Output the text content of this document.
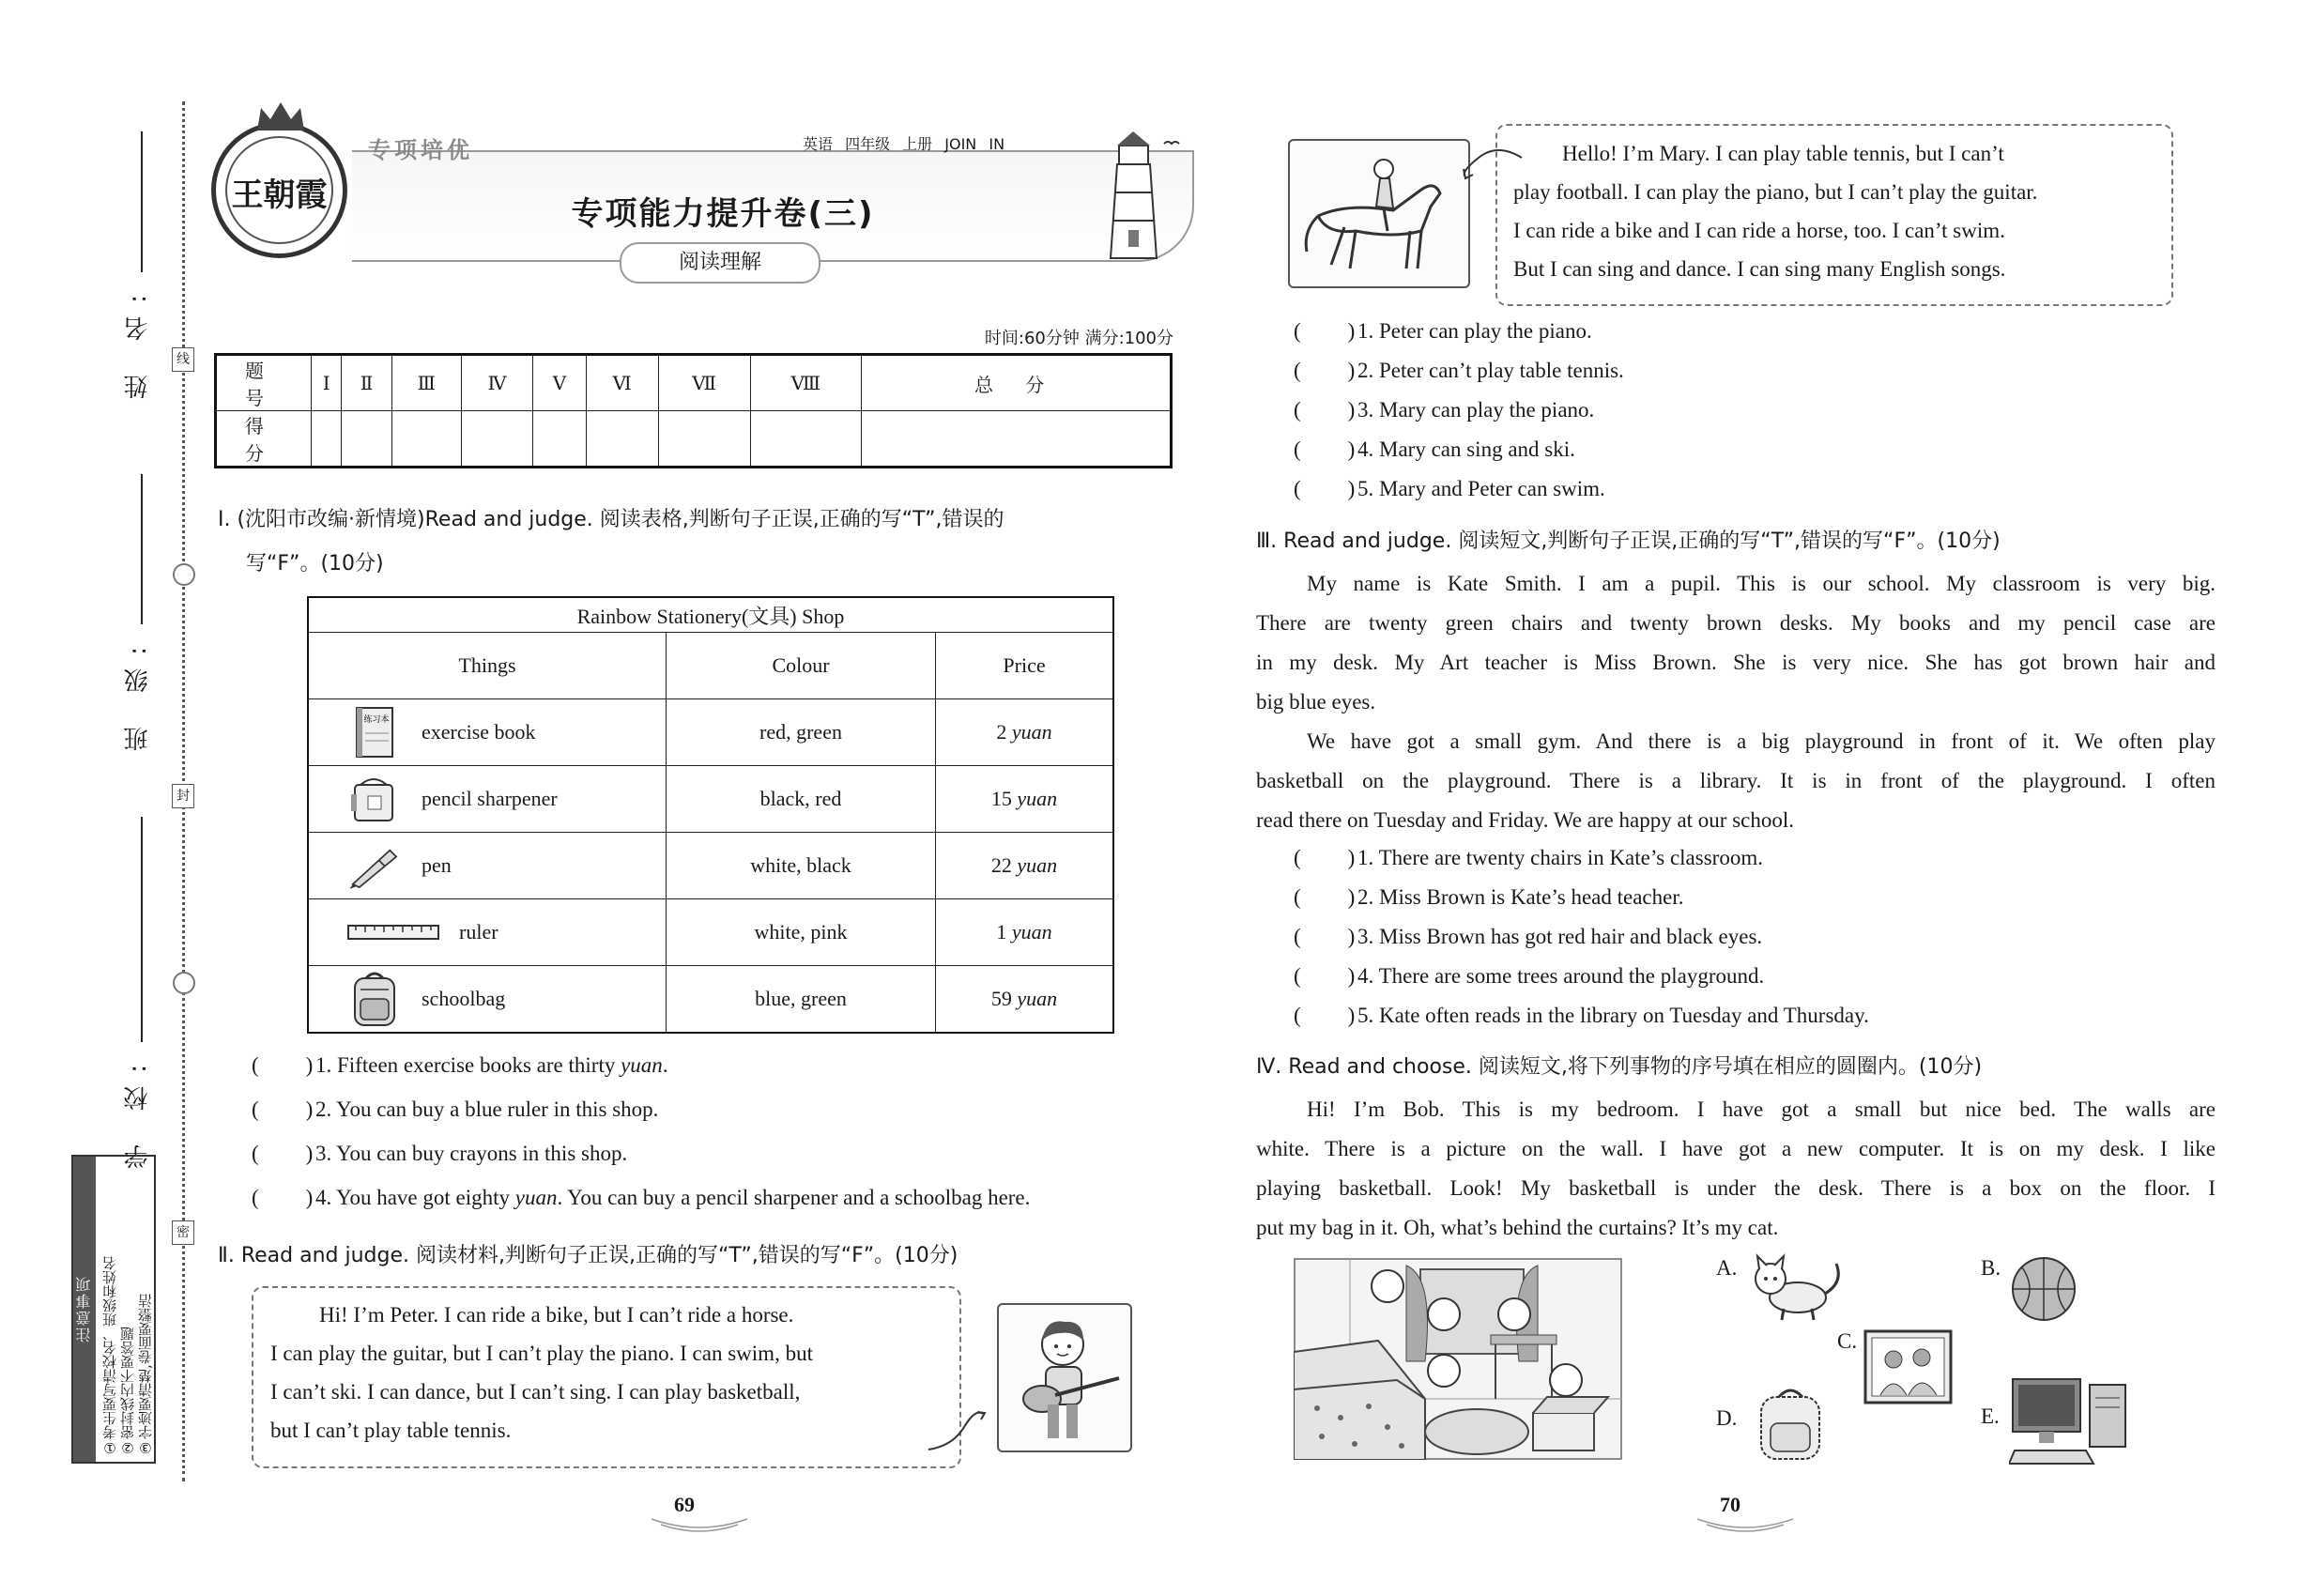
线
封
密
姓 名:
班 级:
学 校:
注意事项 ①考生要写清校名、班级和姓名 ②密封线内不要答题 ③字迹要清楚,卷面要整洁
王朝霞
专项培优	英语 四年级 上册 JOIN IN
专项能力提升卷(三)
阅读理解
时间:60分钟 满分:100分
题 号	Ⅰ	Ⅱ	Ⅲ	Ⅳ	Ⅴ	Ⅵ	Ⅶ	Ⅷ	总 分
得 分									
Ⅰ. (沈阳市改编·新情境)Read and judge. 阅读表格,判断句子正误,正确的写“T”,错误的
写“F”。(10分)
Rainbow Stationery(文具) Shop		
Things	Colour	Price

练习本 exercise book	red, green	2 yuan

pencil sharpener	black, red	15 yuan

pen	white, black	22 yuan

ruler	white, pink	1 yuan

schoolbag	blue, green	59 yuan
( ) 1. Fifteen exercise books are thirty yuan.
( ) 2. You can buy a blue ruler in this shop.
( ) 3. You can buy crayons in this shop.
( ) 4. You have got eighty yuan. You can buy a pencil sharpener and a schoolbag here.
Ⅱ. Read and judge. 阅读材料,判断句子正误,正确的写“T”,错误的写“F”。(10分)
Hi! I’m Peter. I can ride a bike, but I can’t ride a horse.
I can play the guitar, but I can’t play the piano. I can swim, but
I can’t ski. I can dance, but I can’t sing. I can play basketball,
but I can’t play table tennis.
Hello! I’m Mary. I can play table tennis, but I can’t
play football. I can play the piano, but I can’t play the guitar.
I can ride a bike and I can ride a horse, too. I can’t swim.
But I can sing and dance. I can sing many English songs.
( ) 1. Peter can play the piano.
( ) 2. Peter can’t play table tennis.
( ) 3. Mary can play the piano.
( ) 4. Mary can sing and ski.
( ) 5. Mary and Peter can swim.
Ⅲ. Read and judge. 阅读短文,判断句子正误,正确的写“T”,错误的写“F”。(10分)
My name is Kate Smith. I am a pupil. This is our school. My classroom is very big.
There are twenty green chairs and twenty brown desks. My books and my pencil case are
in my desk. My Art teacher is Miss Brown. She is very nice. She has got brown hair and
big blue eyes.
We have got a small gym. And there is a big playground in front of it. We often play
basketball on the playground. There is a library. It is in front of the playground. I often
read there on Tuesday and Friday. We are happy at our school.
( ) 1. There are twenty chairs in Kate’s classroom.
( ) 2. Miss Brown is Kate’s head teacher.
( ) 3. Miss Brown has got red hair and black eyes.
( ) 4. There are some trees around the playground.
( ) 5. Kate often reads in the library on Tuesday and Thursday.
Ⅳ. Read and choose. 阅读短文,将下列事物的序号填在相应的圆圈内。(10分)
Hi! I’m Bob. This is my bedroom. I have got a small but nice bed. The walls are
white. There is a picture on the wall. I have got a new computer. It is on my desk. I like
playing basketball. Look! My basketball is under the desk. There is a box on the floor. I
put my bag in it. Oh, what’s behind the curtains? It’s my cat.
A.	B.
C.
D.	E.
69	70
